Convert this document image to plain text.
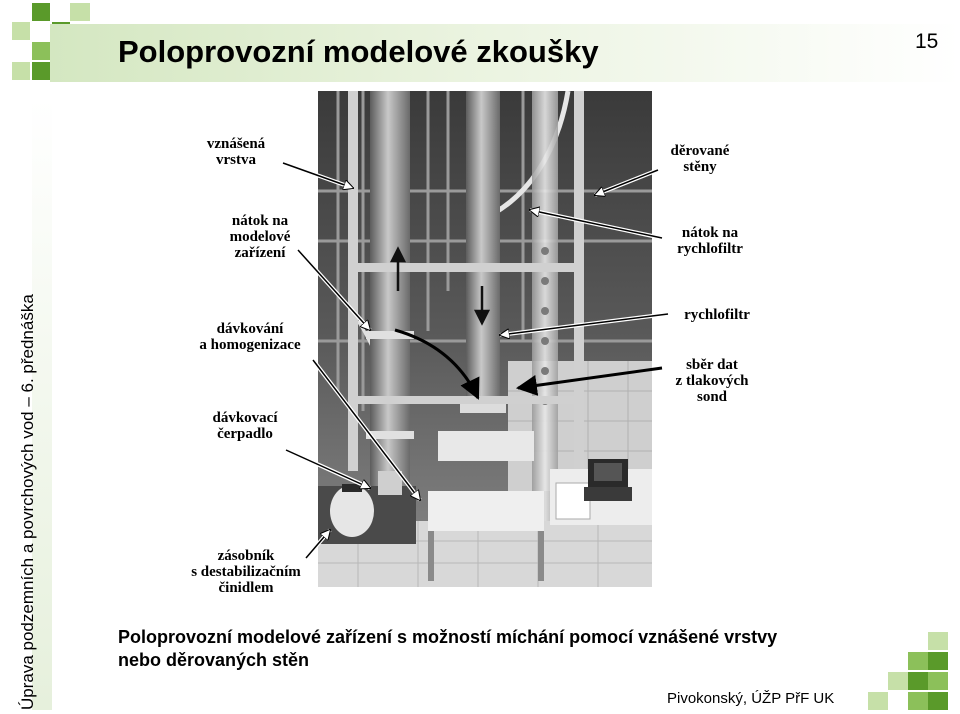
Poloprovozní modelové zkoušky	15
Úprava podzemních a povrchových vod – 6. přednáška
vznášená
vrstva
nátok na
modelové
zařízení
dávkování
a homogenizace
dávkovací
čerpadlo
zásobník
s destabilizačním
činidlem
děrované
stěny
nátok na
rychlofiltr
rychlofiltr
sběr dat
z tlakových
sond
Poloprovozní modelové zařízení s možností míchání pomocí vznášené vrstvy
nebo děrovaných stěn
Pivokonský, ÚŽP PřF UK
